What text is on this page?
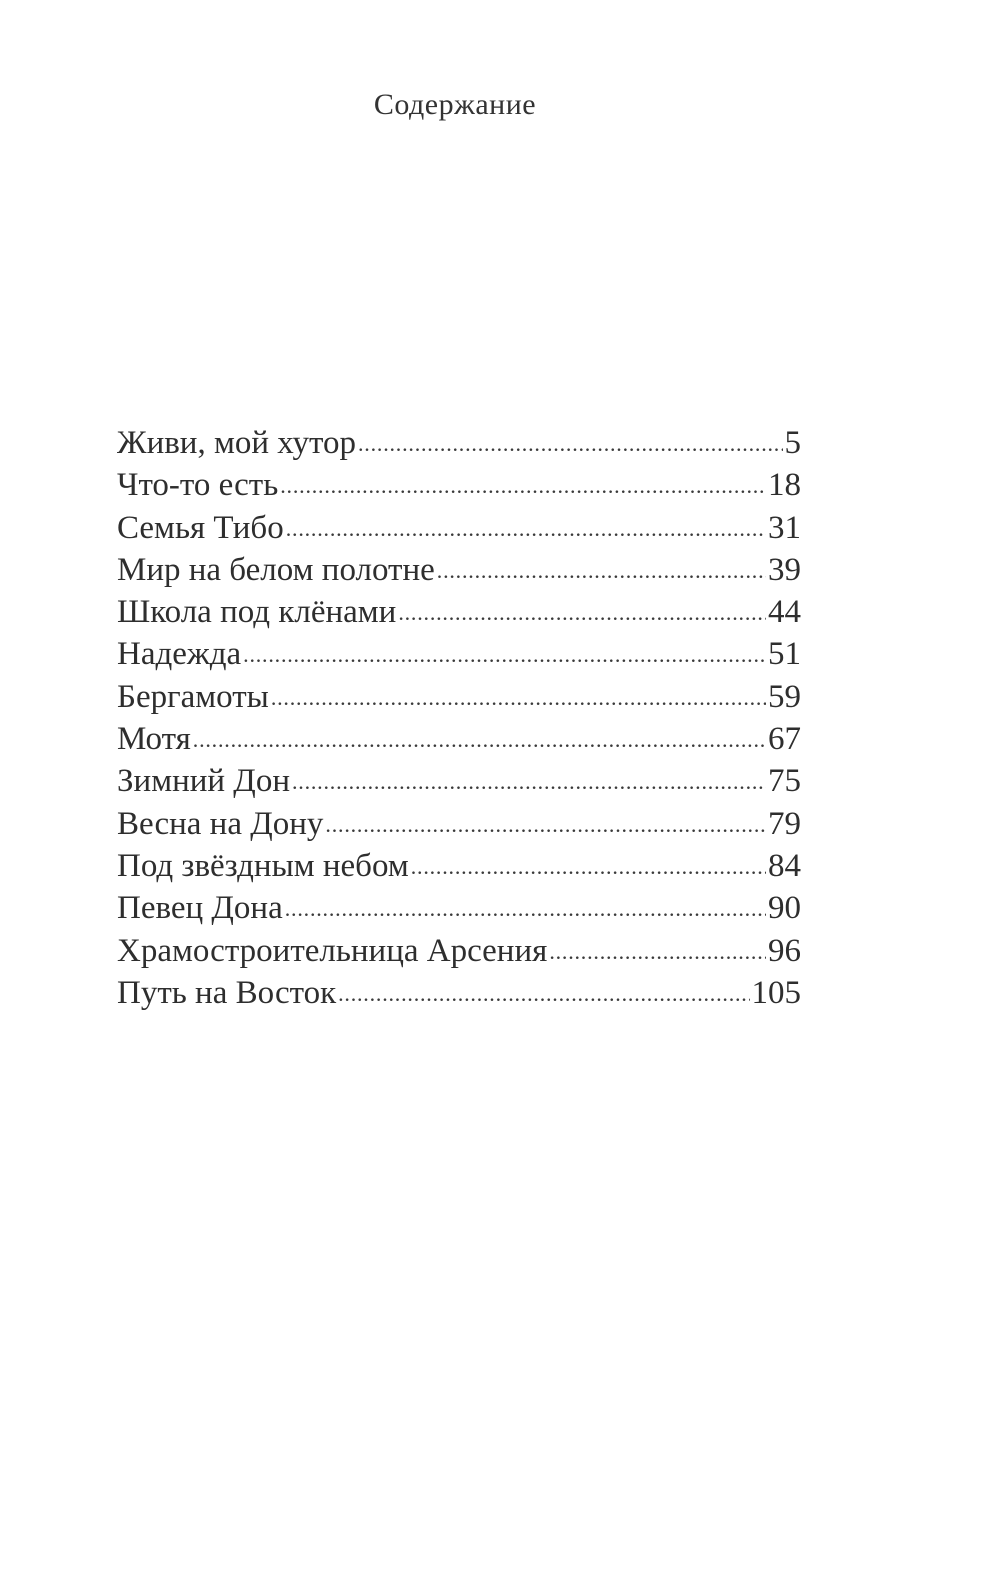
Содержание
Живи, мой хутор .....	5
Что-то есть .....	18
Семья Тибо .....	31
Мир на белом полотне .....	39
Школа под клёнами .....	44
Надежда .....	51
Бергамоты .....	59
Мотя .....	67
Зимний Дон .....	75
Весна на Дону .....	79
Под звёздным небом .....	84
Певец Дона .....	90
Храмостроительница Арсения .....	96
Путь на Восток .....	105
